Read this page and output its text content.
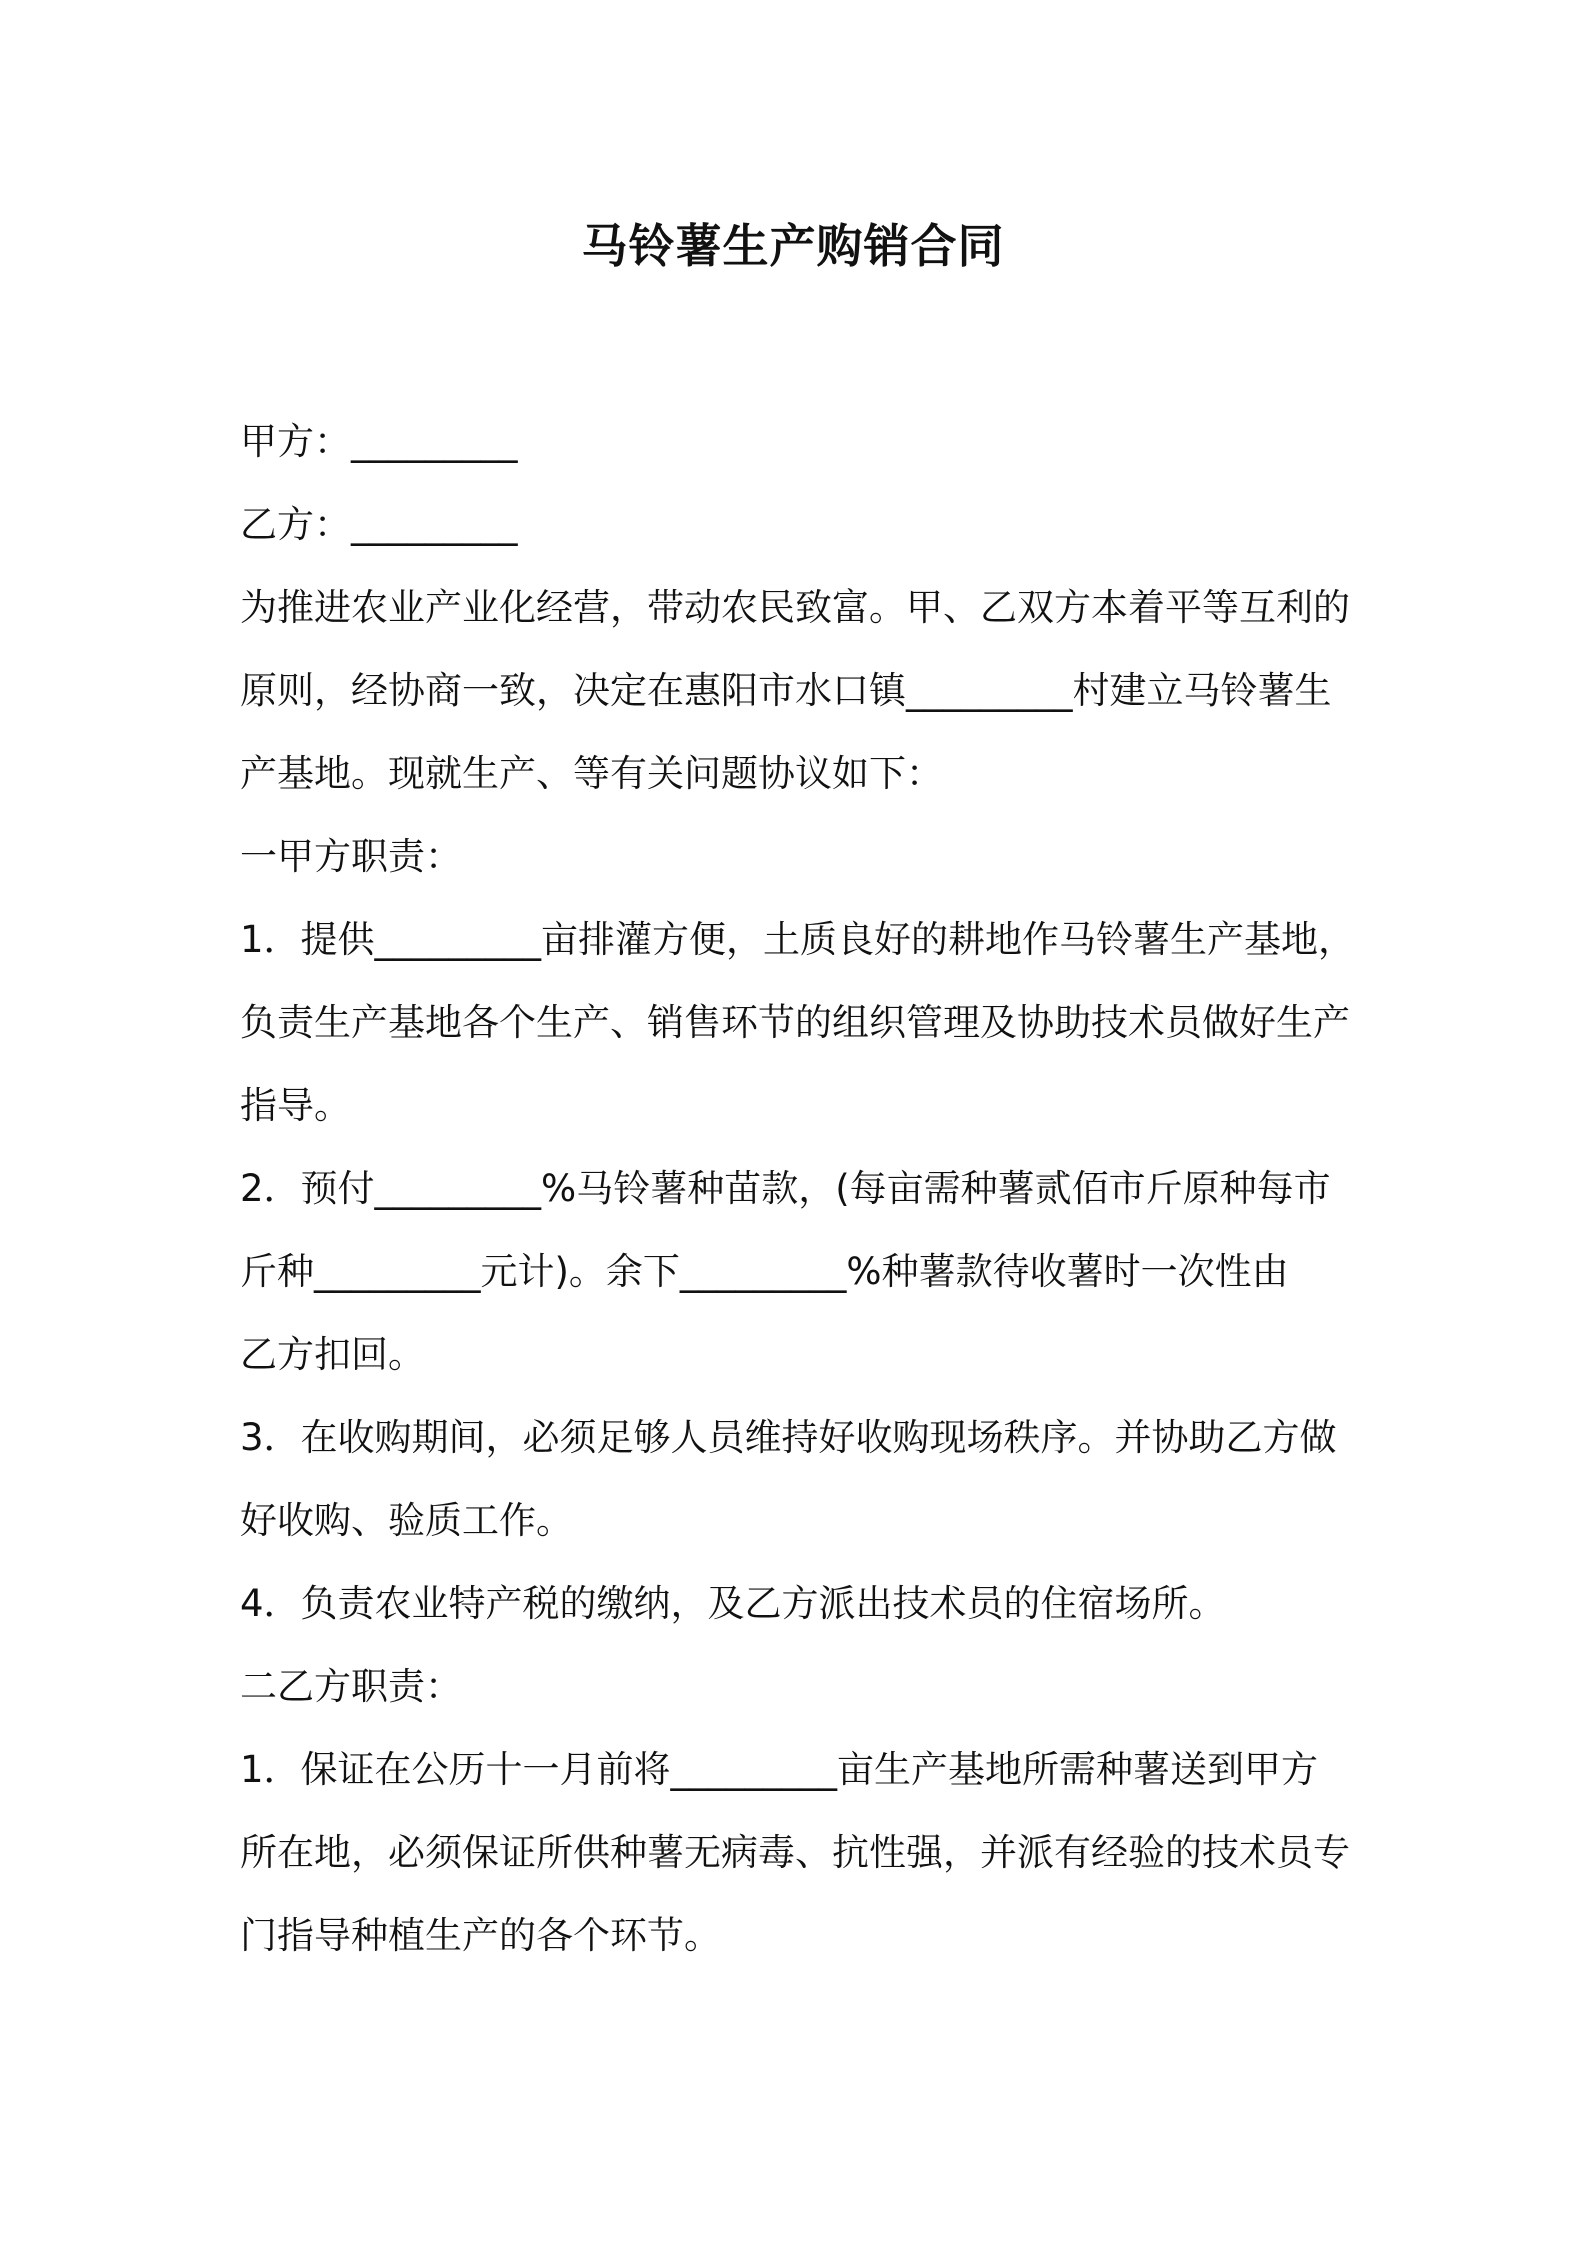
马铃薯生产购销合同
甲方：_________
乙方：_________
为推进农业产业化经营，带动农民致富。甲、乙双方本着平等互利的
原则，经协商一致，决定在惠阳市水口镇_________村建立马铃薯生
产基地。现就生产、等有关问题协议如下：
一甲方职责：
1．提供_________亩排灌方便，土质良好的耕地作马铃薯生产基地，
负责生产基地各个生产、销售环节的组织管理及协助技术员做好生产
指导。
2．预付_________%马铃薯种苗款，(每亩需种薯贰佰市斤原种每市
斤种_________元计)。余下_________%种薯款待收薯时一次性由
乙方扣回。
3．在收购期间，必须足够人员维持好收购现场秩序。并协助乙方做
好收购、验质工作。
4．负责农业特产税的缴纳，及乙方派出技术员的住宿场所。
二乙方职责：
1．保证在公历十一月前将_________亩生产基地所需种薯送到甲方
所在地，必须保证所供种薯无病毒、抗性强，并派有经验的技术员专
门指导种植生产的各个环节。
